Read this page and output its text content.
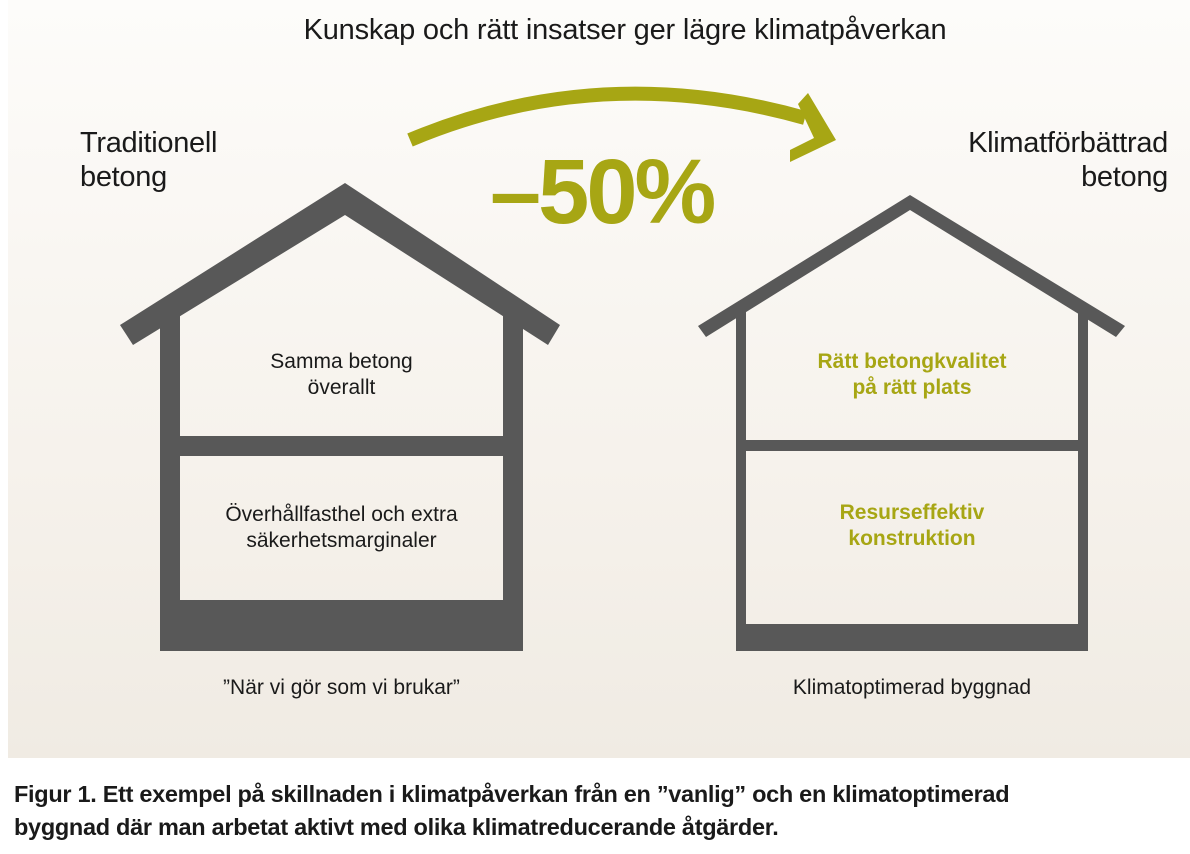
Kunskap och rätt insatser ger lägre klimatpåverkan
Traditionell
betong
Klimatförbättrad
betong
–50%
Samma betong
överallt
Överhållfasthel och extra
säkerhetsmarginaler
Rätt betongkvalitet
på rätt plats
Resurseffektiv
konstruktion
”När vi gör som vi brukar”	Klimatoptimerad byggnad
Figur 1. Ett exempel på skillnaden i klimatpåverkan från en ”vanlig” och en klimatoptimerad
byggnad där man arbetat aktivt med olika klimatreducerande åtgärder.
